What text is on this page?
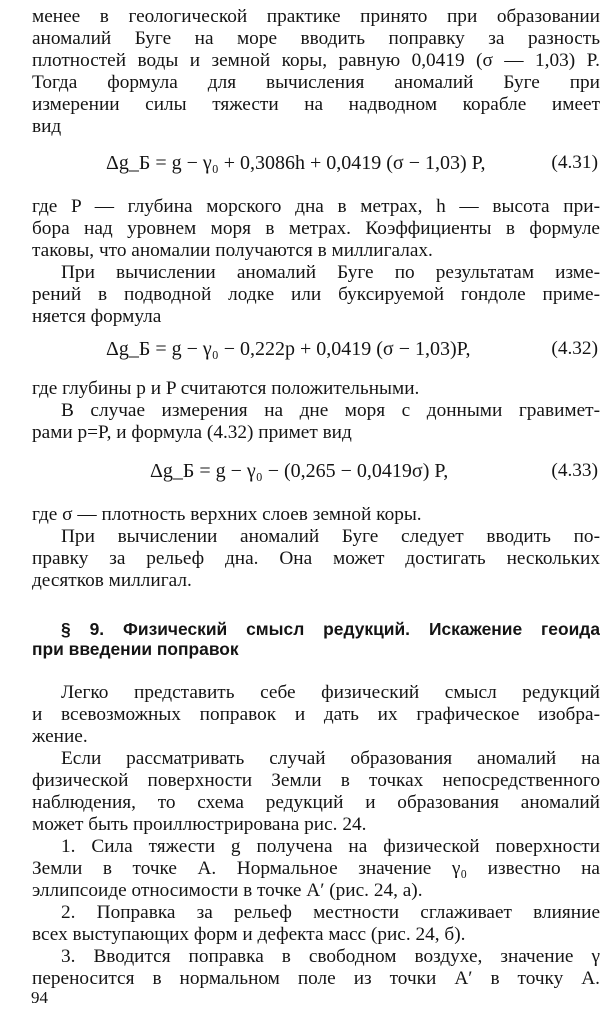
менее в геологической практике принято при образовании
аномалий Буге на море вводить поправку за разность
плотностей воды и земной коры, равную 0,0419 (σ — 1,03) P.
Тогда формула для вычисления аномалий Буге при
измерении силы тяжести на надводном корабле имеет
вид
Δg_Б = g − γ₀ + 0,3086h + 0,0419 (σ − 1,03) P,	(4.31)
где P — глубина морского дна в метрах, h — высота при-
бора над уровнем моря в метрах. Коэффициенты в формуле
таковы, что аномалии получаются в миллигалах.
При вычислении аномалий Буге по результатам изме-
рений в подводной лодке или буксируемой гондоле приме-
няется формула
Δg_Б = g − γ₀ − 0,222p + 0,0419 (σ − 1,03)P,	(4.32)
где глубины p и P считаются положительными.
В случае измерения на дне моря с донными гравимет-
рами p=P, и формула (4.32) примет вид
Δg_Б = g − γ₀ − (0,265 − 0,0419σ) P,	(4.33)
где σ — плотность верхних слоев земной коры.
При вычислении аномалий Буге следует вводить по-
правку за рельеф дна. Она может достигать нескольких
десятков миллигал.
§ 9. Физический смысл редукций. Искажение геоида
при введении поправок
Легко представить себе физический смысл редукций
и всевозможных поправок и дать их графическое изобра-
жение.
Если рассматривать случай образования аномалий на
физической поверхности Земли в точках непосредственного
наблюдения, то схема редукций и образования аномалий
может быть проиллюстрирована рис. 24.
1. Сила тяжести g получена на физической поверхности
Земли в точке A. Нормальное значение γ₀ известно на
эллипсоиде относимости в точке A′ (рис. 24, а).
2. Поправка за рельеф местности сглаживает влияние
всех выступающих форм и дефекта масс (рис. 24, б).
3. Вводится поправка в свободном воздухе, значение γ
переносится в нормальном поле из точки A′ в точку A.
94
